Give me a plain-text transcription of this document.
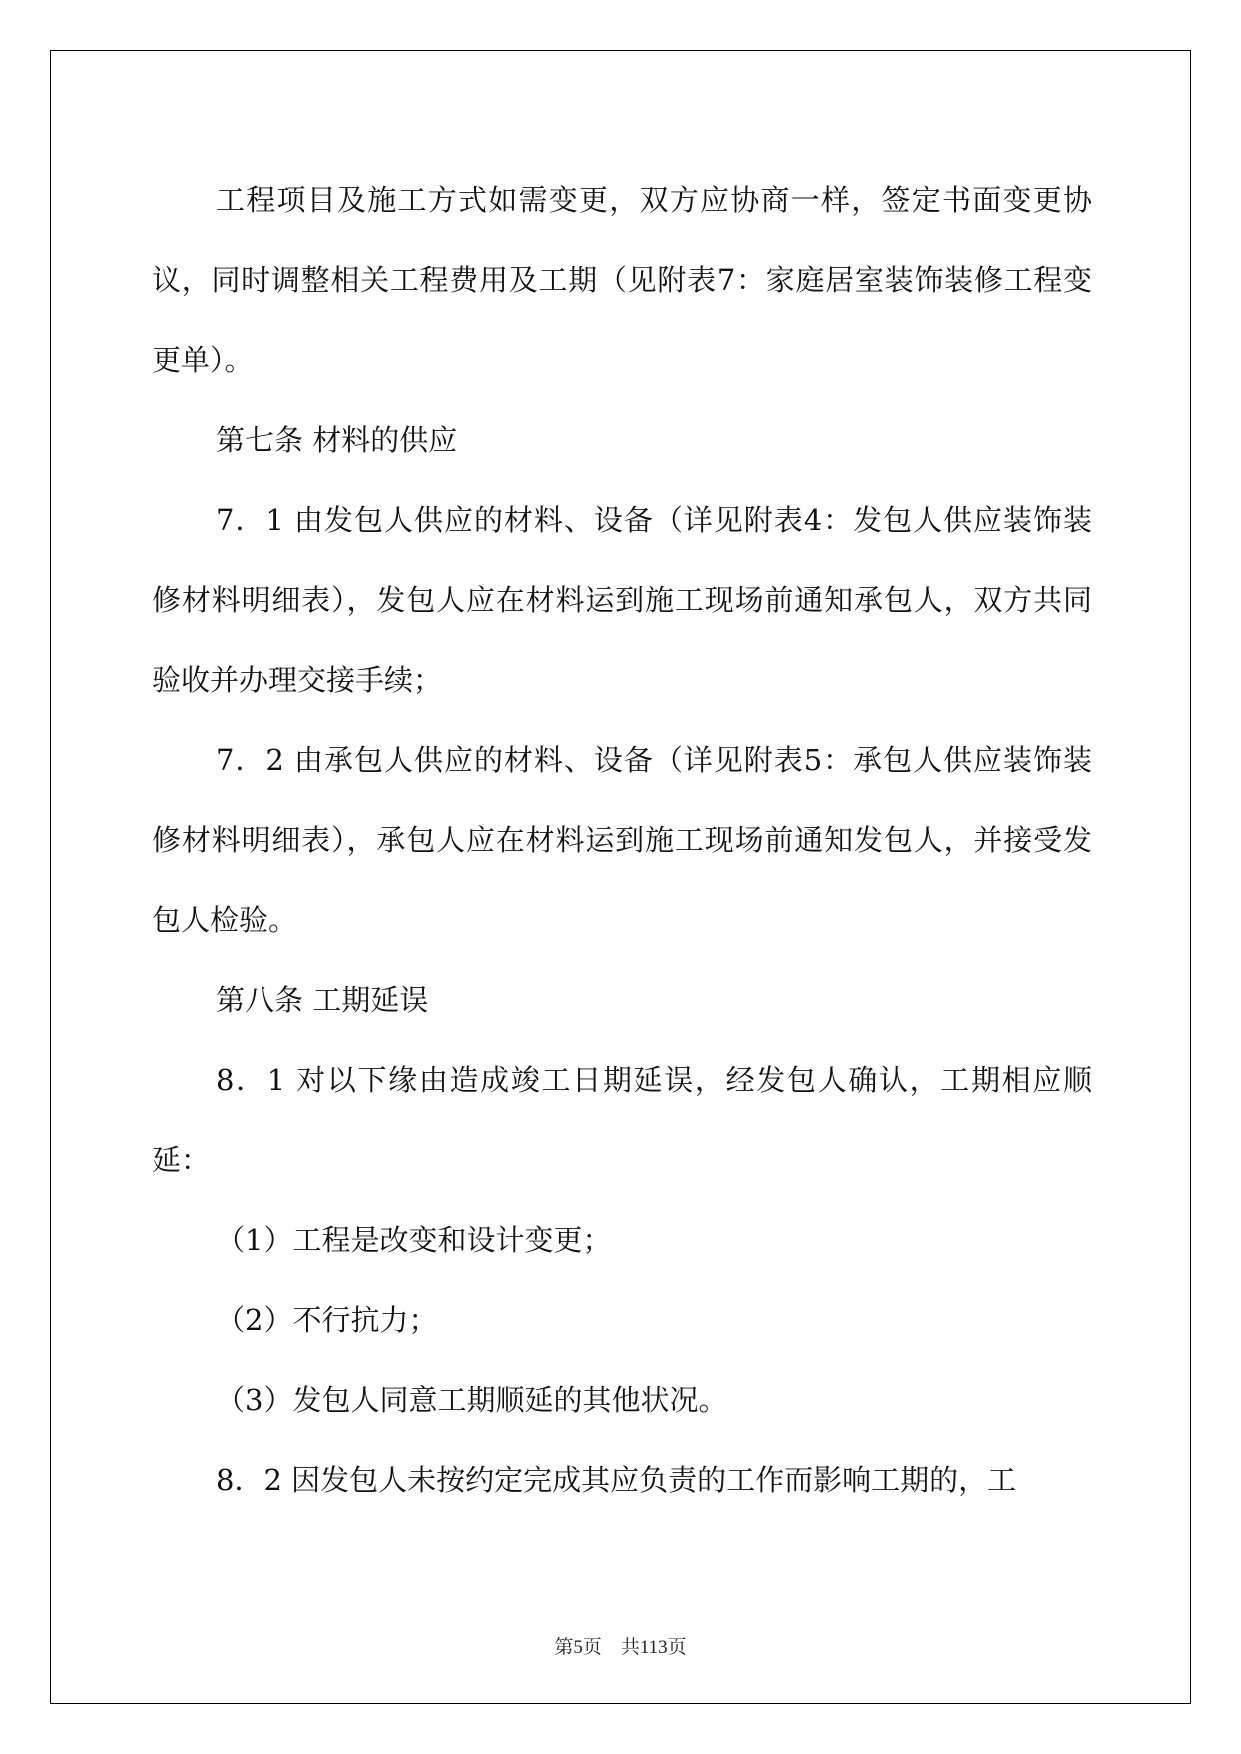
工程项目及施工方式如需变更，双方应协商一样，签定书面变更协议，同时调整相关工程费用及工期（见附表7：家庭居室装饰装修工程变更单）。

第七条 材料的供应

7．1 由发包人供应的材料、设备（详见附表4：发包人供应装饰装修材料明细表），发包人应在材料运到施工现场前通知承包人，双方共同验收并办理交接手续；

7．2 由承包人供应的材料、设备（详见附表5：承包人供应装饰装修材料明细表），承包人应在材料运到施工现场前通知发包人，并接受发包人检验。

第八条 工期延误

8．1 对以下缘由造成竣工日期延误，经发包人确认，工期相应顺延：

（1）工程是改变和设计变更；

（2）不行抗力；

（3）发包人同意工期顺延的其他状况。

8．2 因发包人未按约定完成其应负责的工作而影响工期的，工

第5页　共113页
